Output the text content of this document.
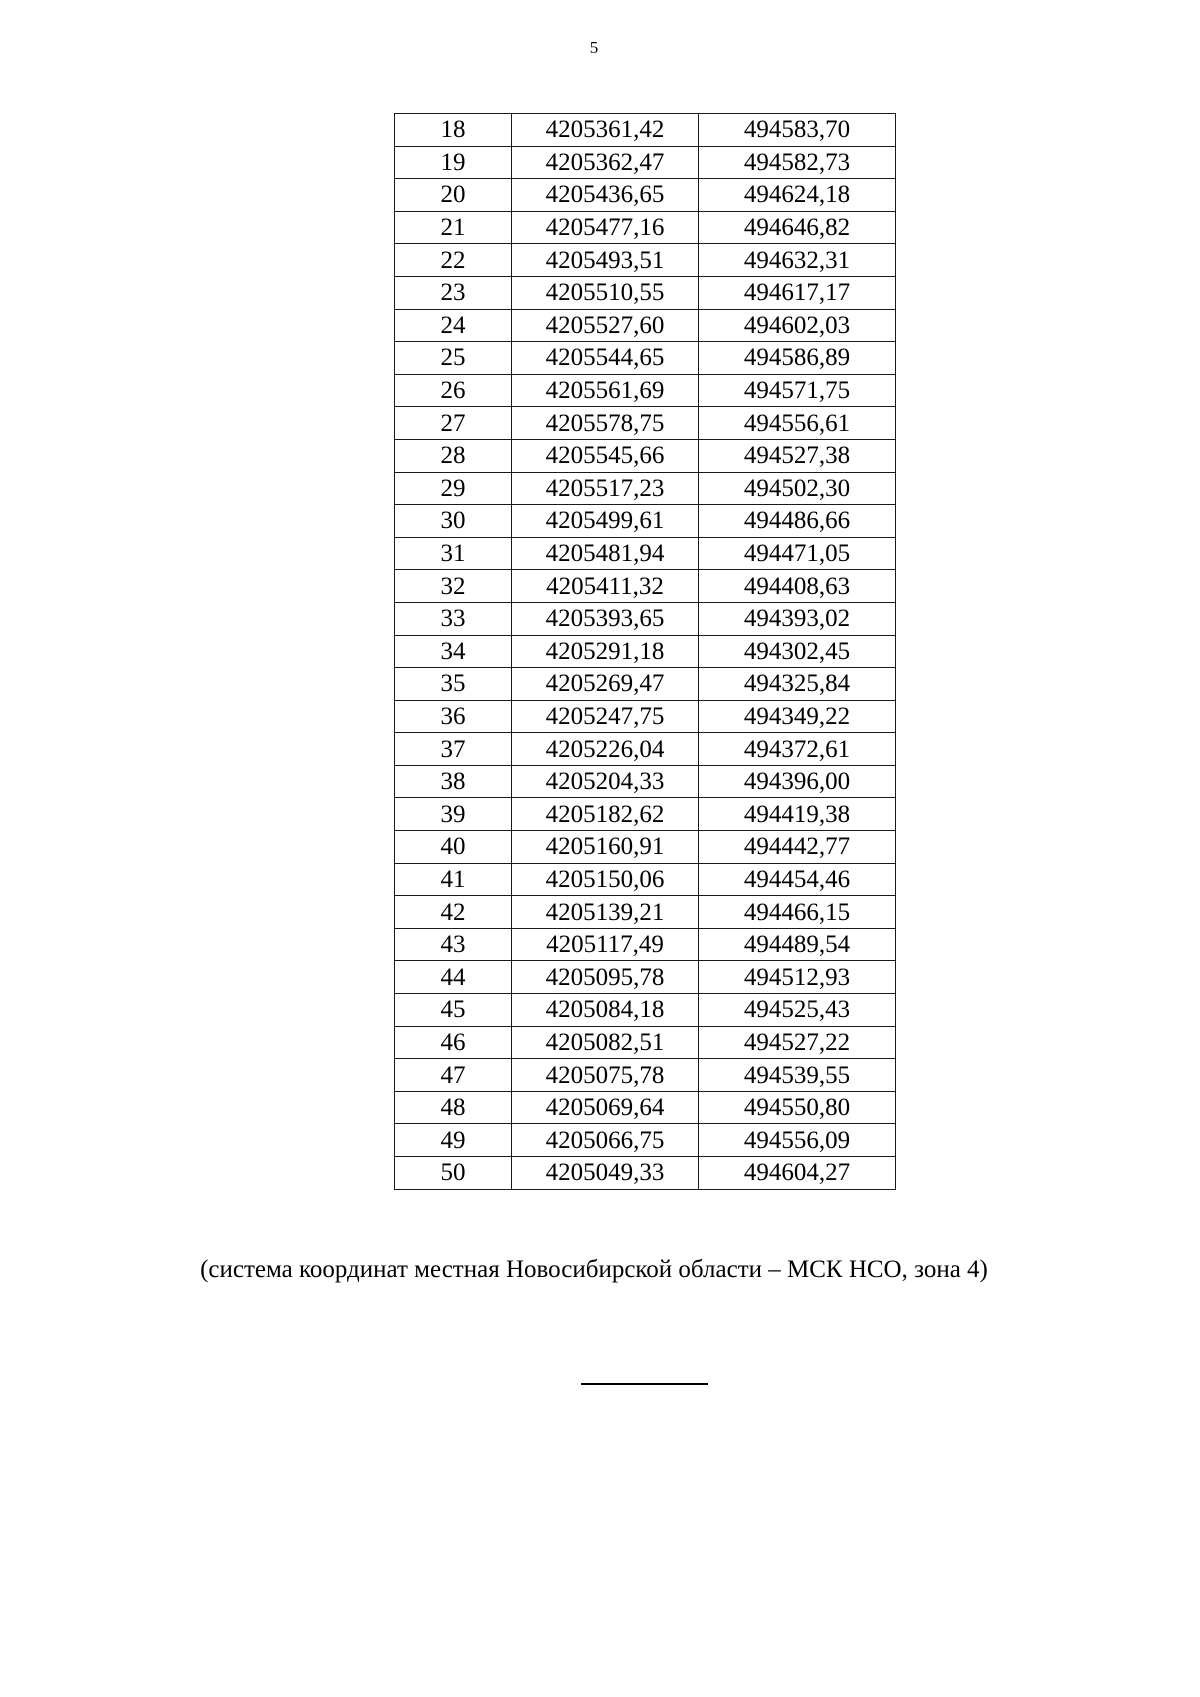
5
18	4205361,42	494583,70
19	4205362,47	494582,73
20	4205436,65	494624,18
21	4205477,16	494646,82
22	4205493,51	494632,31
23	4205510,55	494617,17
24	4205527,60	494602,03
25	4205544,65	494586,89
26	4205561,69	494571,75
27	4205578,75	494556,61
28	4205545,66	494527,38
29	4205517,23	494502,30
30	4205499,61	494486,66
31	4205481,94	494471,05
32	4205411,32	494408,63
33	4205393,65	494393,02
34	4205291,18	494302,45
35	4205269,47	494325,84
36	4205247,75	494349,22
37	4205226,04	494372,61
38	4205204,33	494396,00
39	4205182,62	494419,38
40	4205160,91	494442,77
41	4205150,06	494454,46
42	4205139,21	494466,15
43	4205117,49	494489,54
44	4205095,78	494512,93
45	4205084,18	494525,43
46	4205082,51	494527,22
47	4205075,78	494539,55
48	4205069,64	494550,80
49	4205066,75	494556,09
50	4205049,33	494604,27
(система координат местная Новосибирской области – МСК НСО, зона 4)
